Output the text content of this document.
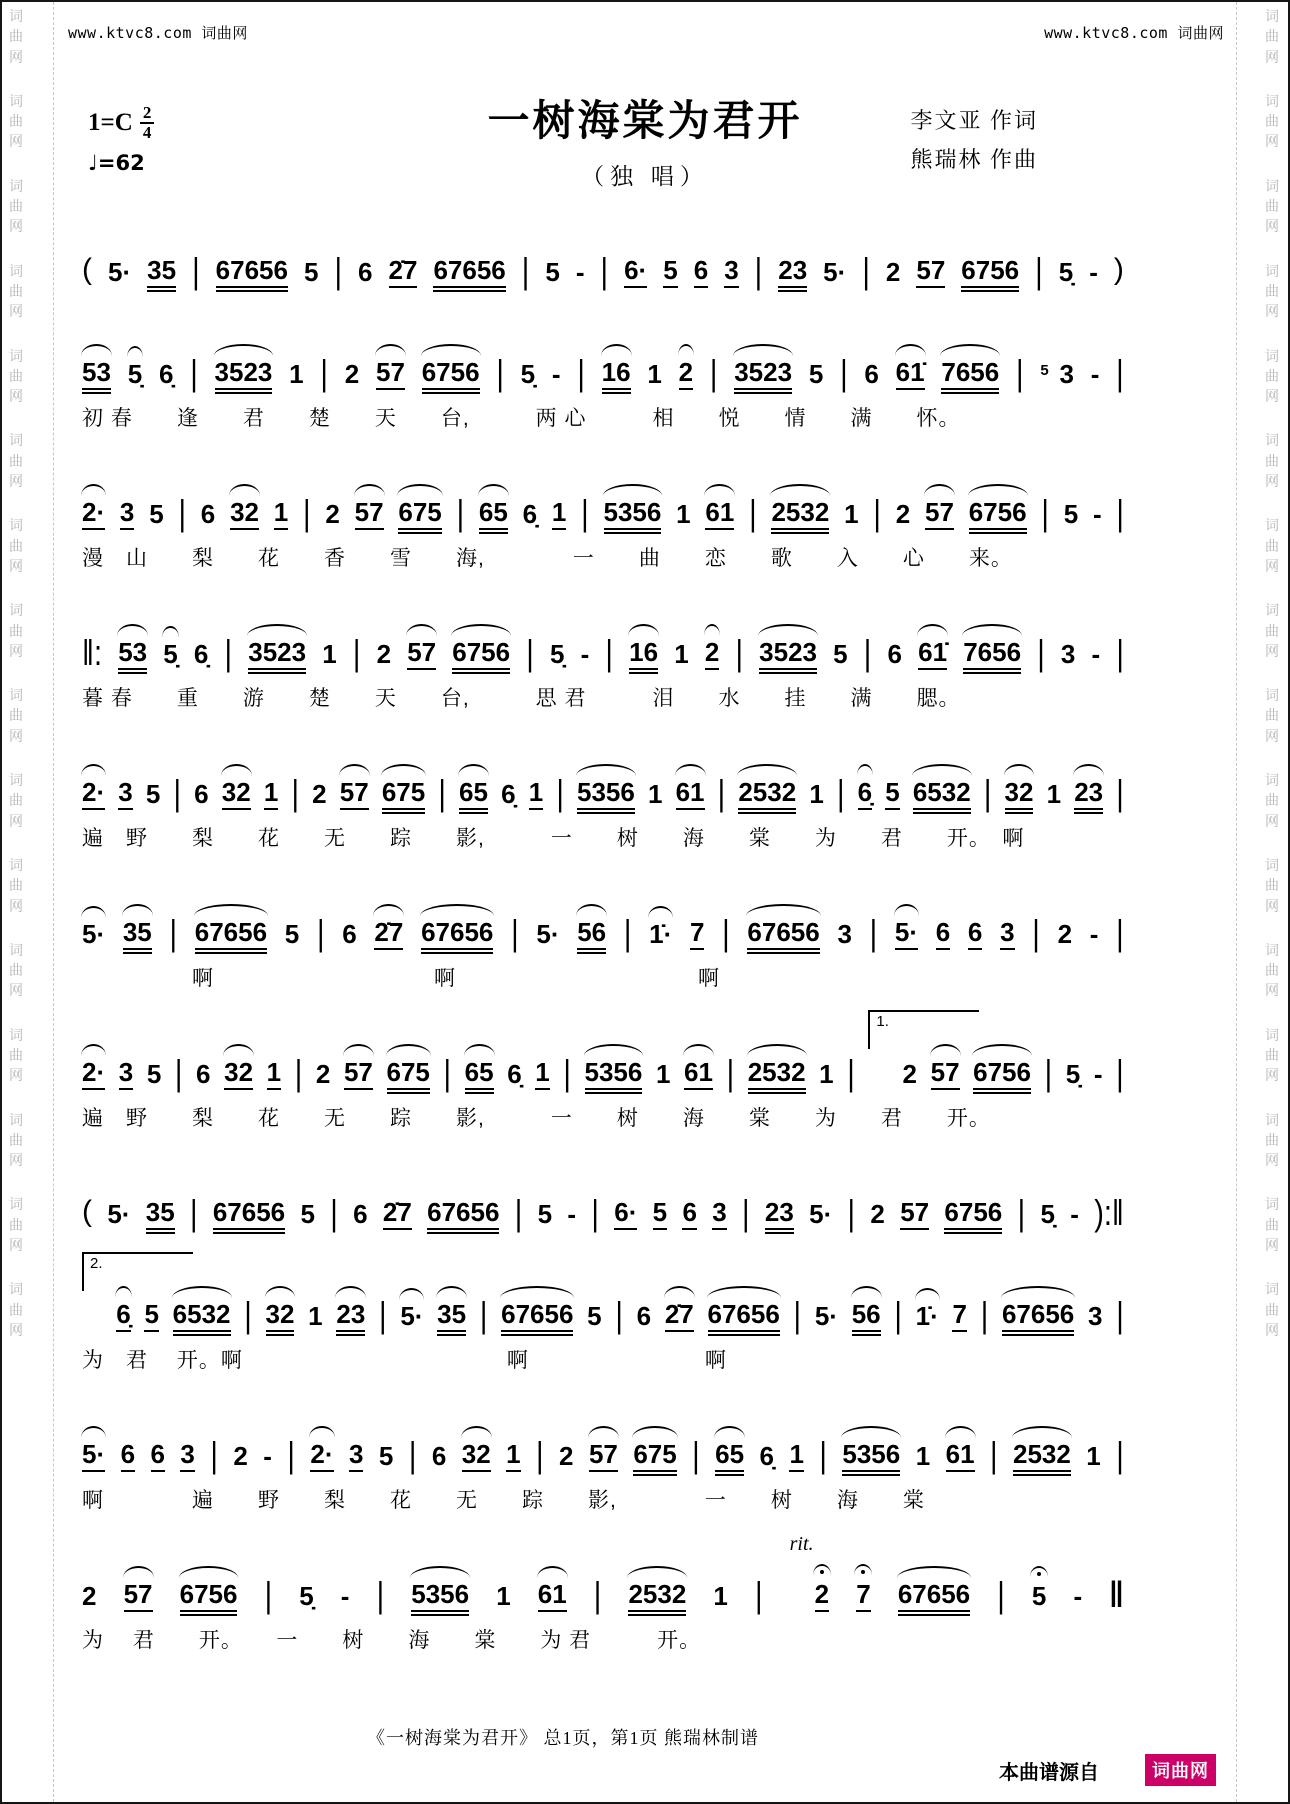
词
曲
网
词
曲
网
词
曲
网
词
曲
网
词
曲
网
词
曲
网
词
曲
网
词
曲
网
词
曲
网
词
曲
网
词
曲
网
词
曲
网
词
曲
网
词
曲
网
词
曲
网
词
曲
网
词
曲
网
词
曲
网
词
曲
网
词
曲
网
词
曲
网
词
曲
网
词
曲
网
词
曲
网
词
曲
网
词
曲
网
词
曲
网
词
曲
网
词
曲
网
词
曲
网
词
曲
网
词
曲
网
www.ktvc8.com 词曲网	www.ktvc8.com 词曲网
$1=C \frac{2}{4}$
♩=62
一树海棠为君开
（独 唱）
李文亚 作词
熊瑞林 作曲
( 5· 35 | 67656 5 | 6 2̇7 67656 | 5 - | 6· 5 6 3 | 23 5· | 2 57 6756 | 5̣ - )
53 5̣ 6̣ | 3523 1 | 2 57 6756 | 5̣ - | 16 1 2 | 3523 5 | 6 61̇ 7656 | 5 3 - |
初 春　　逢　　君　　楚　　天　　台,　　　两 心　　　相　　悦　　情　　满　　怀。
2· 3 5 | 6 32 1 | 2 57 675 | 65 6̣ 1 | 5356 1 61 | 2532 1 | 2 57 6756 | 5 - |
漫　山　　梨　　花　　香　　雪　　海,　　　　一　　曲　　恋　　歌　　入　　心　　来。
‖: 53 5̣ 6̣ | 3523 1 | 2 57 6756 | 5̣ - | 16 1 2 | 3523 5 | 6 61̇ 7656 | 3 - |
暮 春　　重　　游　　楚　　天　　台,　　　思 君　　　泪　　水　　挂　　满　　腮。
2· 3 5 | 6 32 1 | 2 57 675 | 65 6̣ 1 | 5356 1 61 | 2532 1 | 6̣ 5 6532 | 32 1 23 |
遍　野　　梨　　花　　无　　踪　　影,　　　一　　树　　海　　棠　　为　　君　　开。　啊
5· 35 | 67656 5 | 6 2̇7 67656 | 5· 56 | 1̇· 7 | 67656 3 | 5· 6 6 3 | 2 - |
　　　　　啊　　　　　　　　　　啊　　　　　　　　　　　啊
2· 3 5 | 6 32 1 | 2 57 675 | 65 6̣ 1 | 5356 1 61 | 2532 1 |
1.
2 57 6756 | 5̣ - |
遍　野　　梨　　花　　无　　踪　　影,　　　一　　树　　海　　棠　　为　　君　　开。
( 5· 35 | 67656 5 | 6 2̇7 67656 | 5 - | 6· 5 6 3 | 23 5· | 2 57 6756 | 5̣ - ):‖
2.
6̣ 5 6532 | 32 1 23 | 5· 35 | 67656 5 | 6 2̇7 67656 | 5· 56 | 1̇· 7 | 67656 3 |
为　君　 开。啊　　　　　　　　　　　　啊　　　　　　　　啊
5· 6 6 3 | 2 - | 2· 3 5 | 6 32 1 | 2 57 675 | 65 6̣ 1 | 5356 1 61 | 2532 1 |
啊　　　　遍　　野　　梨　　花　　无　　踪　　影,　　　　一　　树　　海　　棠
2 57 6756 | 5̣ - | 5356 1 61 | 2532 1 |
rit.
2 7 67656 | 5 - ‖
为　 君　　开。　　一　　树　　海　　棠　　为 君　　　开。
《一树海棠为君开》 总1页，第1页 熊瑞林制谱
本曲谱源自	词曲网
